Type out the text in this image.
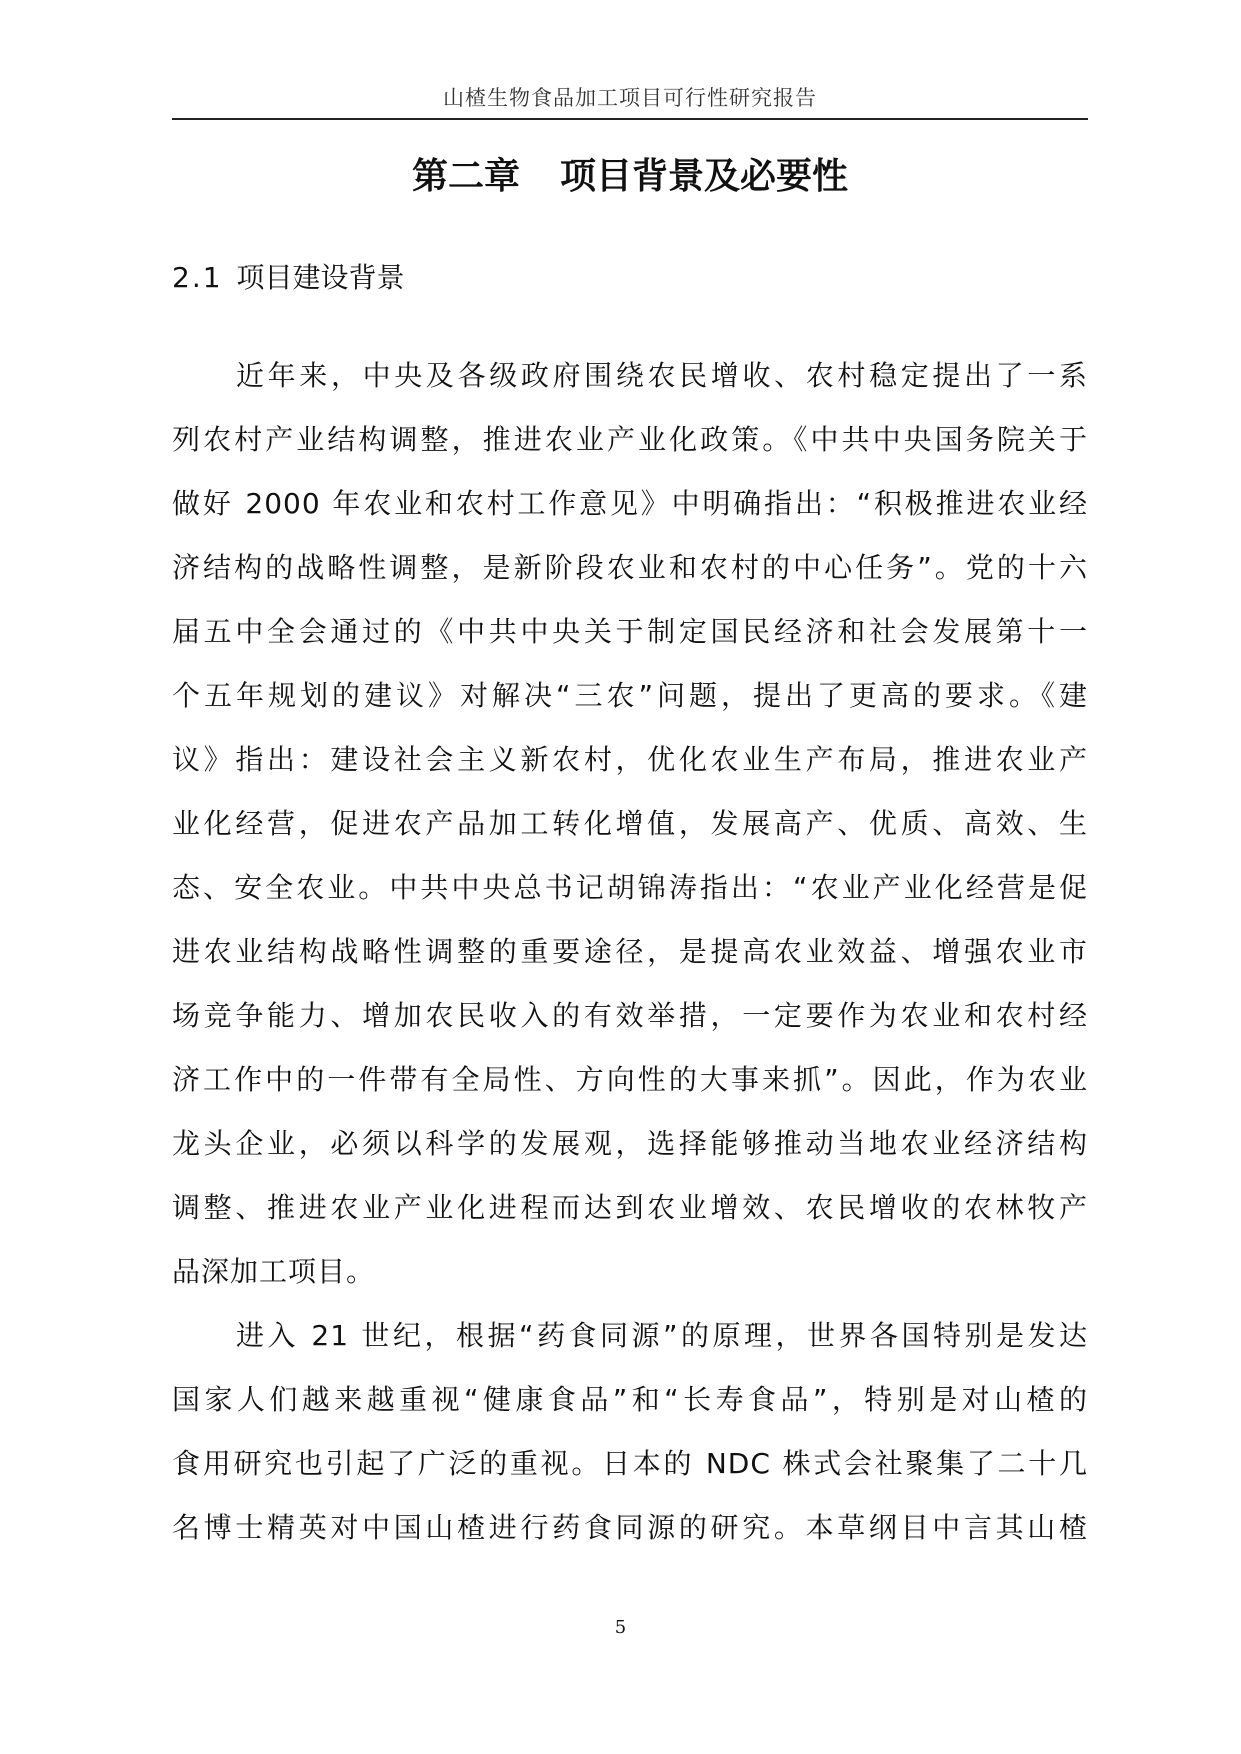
山楂生物食品加工项目可行性研究报告
第二章 项目背景及必要性
2.1 项目建设背景
近年来，中央及各级政府围绕农民增收、农村稳定提出了一系
列农村产业结构调整，推进农业产业化政策。《中共中央国务院关于
做好 2000 年农业和农村工作意见》中明确指出：“积极推进农业经
济结构的战略性调整，是新阶段农业和农村的中心任务”。党的十六
届五中全会通过的《中共中央关于制定国民经济和社会发展第十一
个五年规划的建议》对解决“三农”问题，提出了更高的要求。《建
议》指出：建设社会主义新农村，优化农业生产布局，推进农业产
业化经营，促进农产品加工转化增值，发展高产、优质、高效、生
态、安全农业。中共中央总书记胡锦涛指出：“农业产业化经营是促
进农业结构战略性调整的重要途径，是提高农业效益、增强农业市
场竞争能力、增加农民收入的有效举措，一定要作为农业和农村经
济工作中的一件带有全局性、方向性的大事来抓”。因此，作为农业
龙头企业，必须以科学的发展观，选择能够推动当地农业经济结构
调整、推进农业产业化进程而达到农业增效、农民增收的农林牧产
品深加工项目。
进入 21 世纪，根据“药食同源”的原理，世界各国特别是发达
国家人们越来越重视“健康食品”和“长寿食品”，特别是对山楂的
食用研究也引起了广泛的重视。日本的 NDC 株式会社聚集了二十几
名博士精英对中国山楂进行药食同源的研究。本草纲目中言其山楂
5
